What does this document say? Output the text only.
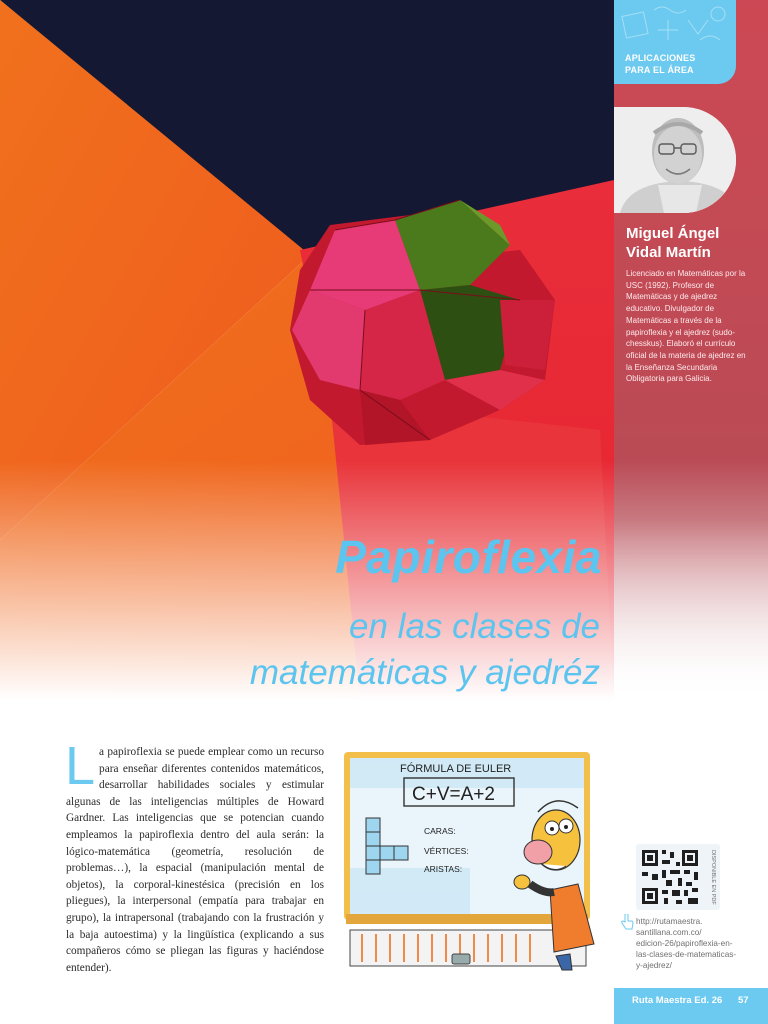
APLICACIONES
PARA EL ÁREA
Miguel Ángel
Vidal Martín
Licenciado en Matemáticas por la USC (1992). Profesor de Matemáticas y de ajedrez educativo. Divulgador de Matemáticas a través de la papiroflexia y el ajedrez (sudo-chesskus). Elaboró el currículo oficial de la materia de ajedrez en la Enseñanza Secundaria Obligatoria para Galicia.
Papiroflexia
en las clases de
matemáticas y ajedréz
L a papiroflexia se puede emplear como un recurso para enseñar diferentes contenidos matemáticos, desarrollar habilidades sociales y estimular algunas de las inteligencias múltiples de Howard Gardner. Las inteligencias que se potencian cuando empleamos la papiroflexia dentro del aula serán: la lógico-matemática (geometría, resolución de problemas…), la espacial (manipulación mental de objetos), la corporal-kinestésica (precisión en los pliegues), la interpersonal (empatía para trabajar en grupo), la intrapersonal (trabajando con la frustración y la baja autoestima) y la lingüística (explicando a sus compañeros cómo se pliegan las figuras y haciéndose entender).
FÓRMULA DE EULER
C+V=A+2
CARAS:
VÉRTICES:
ARISTAS:	DISPONIBLE EN PDF
http://rutamaestra.
santillana.com.co/
edicion-26/papiroflexia-en-
las-clases-de-matematicas-
y-ajedrez/
Ruta Maestra Ed. 26 57
